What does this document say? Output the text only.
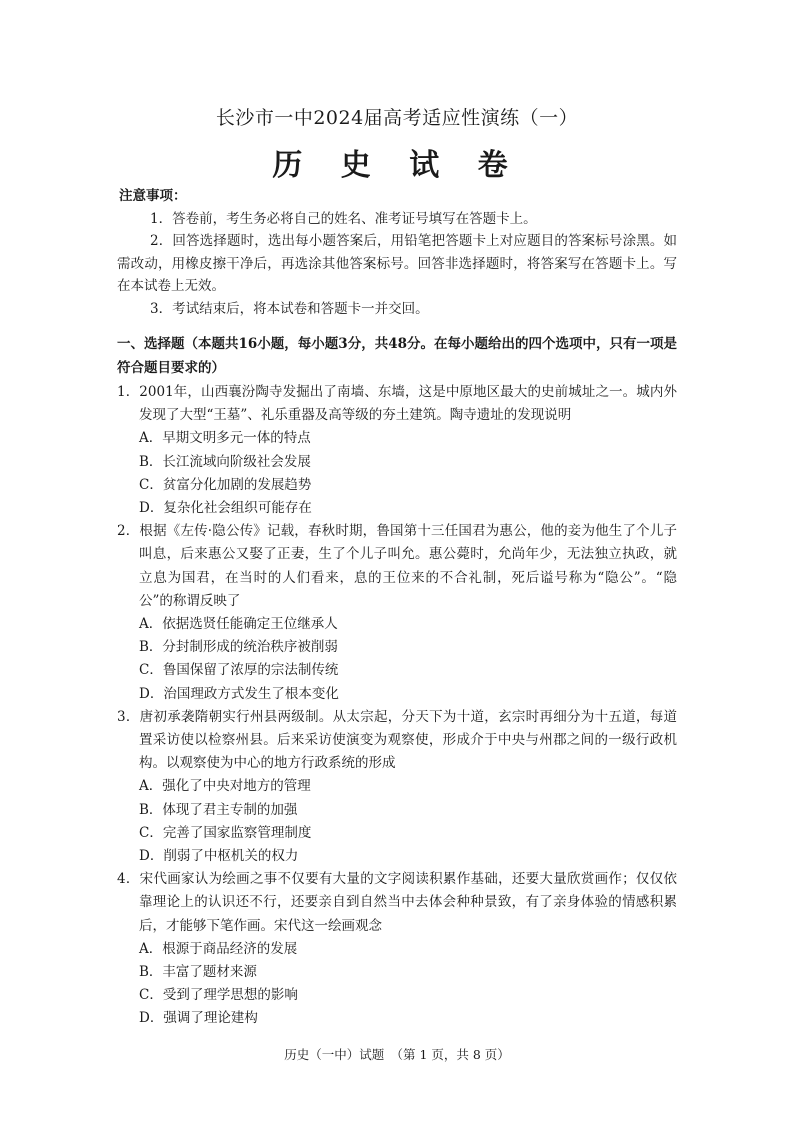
长沙市一中2024届高考适应性演练（一）
历 史 试 卷
注意事项：
1．答卷前，考生务必将自己的姓名、准考证号填写在答题卡上。
2．回答选择题时，选出每小题答案后，用铅笔把答题卡上对应题目的答案标号涂黑。如需改动，用橡皮擦干净后，再选涂其他答案标号。回答非选择题时，将答案写在答题卡上。写在本试卷上无效。
3．考试结束后，将本试卷和答题卡一并交回。
一、选择题（本题共16小题，每小题3分，共48分。在每小题给出的四个选项中，只有一项是符合题目要求的）
1．2001年，山西襄汾陶寺发掘出了南墙、东墙，这是中原地区最大的史前城址之一。城内外发现了大型“王墓”、礼乐重器及高等级的夯土建筑。陶寺遗址的发现说明
A．早期文明多元一体的特点
B．长江流域向阶级社会发展
C．贫富分化加剧的发展趋势
D．复杂化社会组织可能存在
2．根据《左传·隐公传》记载，春秋时期，鲁国第十三任国君为惠公，他的妾为他生了个儿子叫息，后来惠公又娶了正妻，生了个儿子叫允。惠公薨时，允尚年少，无法独立执政，就立息为国君，在当时的人们看来，息的王位来的不合礼制，死后谥号称为“隐公”。“隐公”的称谓反映了
A．依据选贤任能确定王位继承人
B．分封制形成的统治秩序被削弱
C．鲁国保留了浓厚的宗法制传统
D．治国理政方式发生了根本变化
3．唐初承袭隋朝实行州县两级制。从太宗起，分天下为十道，玄宗时再细分为十五道，每道置采访使以检察州县。后来采访使演变为观察使，形成介于中央与州郡之间的一级行政机构。以观察使为中心的地方行政系统的形成
A．强化了中央对地方的管理
B．体现了君主专制的加强
C．完善了国家监察管理制度
D．削弱了中枢机关的权力
4．宋代画家认为绘画之事不仅要有大量的文字阅读积累作基础，还要大量欣赏画作；仅仅依靠理论上的认识还不行，还要亲自到自然当中去体会种种景致，有了亲身体验的情感积累后，才能够下笔作画。宋代这一绘画观念
A．根源于商品经济的发展
B．丰富了题材来源
C．受到了理学思想的影响
D．强调了理论建构
历史（一中）试题　（第 1 页，共 8 页）
